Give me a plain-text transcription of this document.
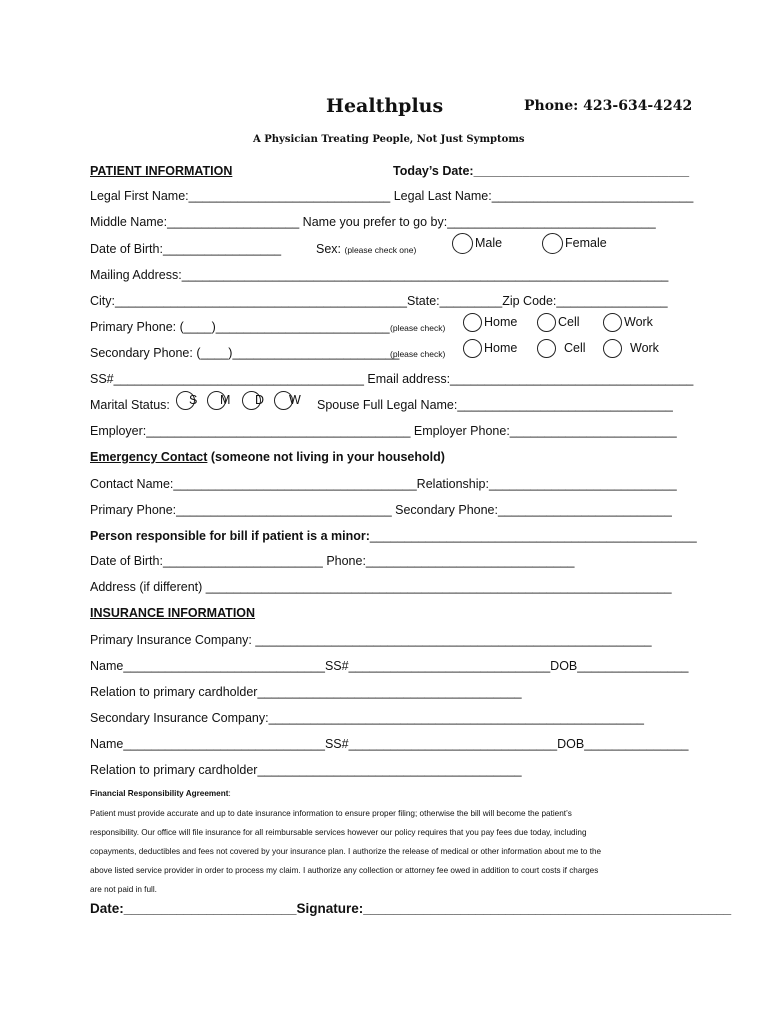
Healthplus	Phone: 423-634-4242
A Physician Treating People, Not Just Symptoms
PATIENT INFORMATION	Today’s Date:_______________________________
Legal First Name:_____________________________ Legal Last Name:_____________________________
Middle Name:___________________ Name you prefer to go by:______________________________
Date of Birth:_________________	Sex: (please check one)
Male	Female
Mailing Address:______________________________________________________________________
City:__________________________________________State:_________Zip Code:________________
Primary Phone: (____)_________________________ (please check)	Home	Cell	Work
Secondary Phone: (____)________________________
(please check)	Home	Cell	Work
SS#____________________________________ Email address:___________________________________
Marital Status:	S	M	D	W Spouse Full Legal Name:_______________________________
Employer:______________________________________ Employer Phone:________________________
Emergency Contact (someone not living in your household)
Contact Name:___________________________________Relationship:___________________________
Primary Phone:_______________________________ Secondary Phone:_________________________
Person responsible for bill if patient is a minor:_______________________________________________
Date of Birth:_______________________ Phone:______________________________
Address (if different) ___________________________________________________________________
INSURANCE INFORMATION
Primary Insurance Company: _________________________________________________________
Name_____________________________SS#_____________________________DOB________________
Relation to primary cardholder______________________________________
Secondary Insurance Company:______________________________________________________
Name_____________________________SS#______________________________DOB_______________
Relation to primary cardholder______________________________________
Financial Responsibility Agreement:
Patient must provide accurate and up to date insurance information to ensure proper filing; otherwise the bill will become the patient’s
responsibility. Our office will file insurance for all reimbursable services however our policy requires that you pay fees due today, including
copayments, deductibles and fees not covered by your insurance plan. I authorize the release of medical or other information about me to the
above listed service provider in order to process my claim. I authorize any collection or attorney fee owed in addition to court costs if charges
are not paid in full.
Date:_______________________Signature:_________________________________________________
